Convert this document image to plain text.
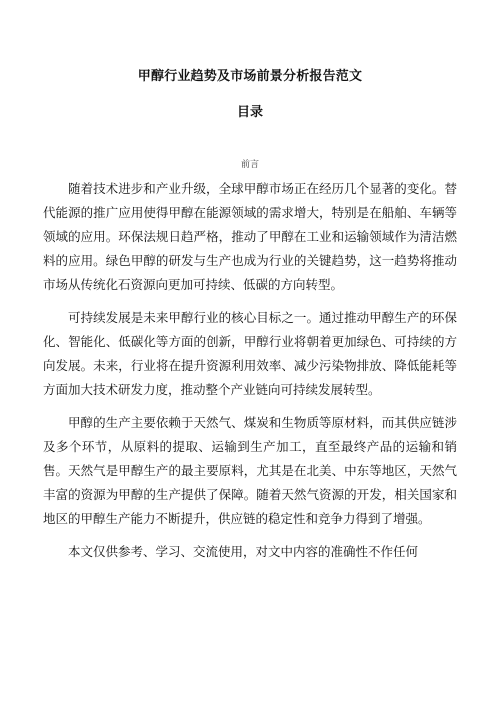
甲醇行业趋势及市场前景分析报告范文
目录
前言

随着技术进步和产业升级，全球甲醇市场正在经历几个显著的变化。替代能源的推广应用使得甲醇在能源领域的需求增大，特别是在船舶、车辆等领域的应用。环保法规日趋严格，推动了甲醇在工业和运输领域作为清洁燃料的应用。绿色甲醇的研发与生产也成为行业的关键趋势，这一趋势将推动市场从传统化石资源向更加可持续、低碳的方向转型。

可持续发展是未来甲醇行业的核心目标之一。通过推动甲醇生产的环保化、智能化、低碳化等方面的创新，甲醇行业将朝着更加绿色、可持续的方向发展。未来，行业将在提升资源利用效率、减少污染物排放、降低能耗等方面加大技术研发力度，推动整个产业链向可持续发展转型。

甲醇的生产主要依赖于天然气、煤炭和生物质等原材料，而其供应链涉及多个环节，从原料的提取、运输到生产加工，直至最终产品的运输和销售。天然气是甲醇生产的最主要原料，尤其是在北美、中东等地区，天然气丰富的资源为甲醇的生产提供了保障。随着天然气资源的开发，相关国家和地区的甲醇生产能力不断提升，供应链的稳定性和竞争力得到了增强。

本文仅供参考、学习、交流使用，对文中内容的准确性不作任何
